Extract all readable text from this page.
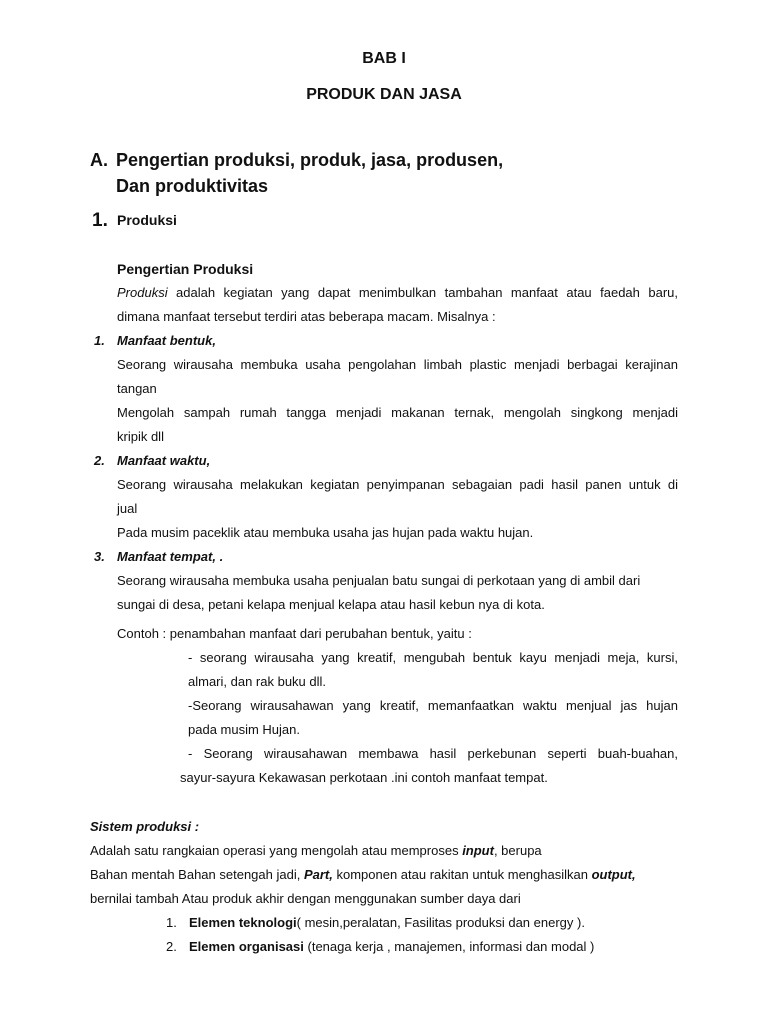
BAB I
PRODUK DAN JASA
A. Pengertian produksi, produk, jasa, produsen,
Dan produktivitas
1. Produksi
Pengertian Produksi
Produksi adalah kegiatan yang dapat menimbulkan tambahan manfaat atau faedah baru,
dimana manfaat tersebut terdiri atas beberapa macam. Misalnya :
1. Manfaat bentuk,
Seorang wirausaha membuka usaha pengolahan limbah plastic menjadi berbagai kerajinan
tangan
Mengolah sampah rumah tangga menjadi makanan ternak, mengolah singkong menjadi
kripik dll
2. Manfaat waktu,
Seorang wirausaha melakukan kegiatan penyimpanan sebagaian padi hasil panen untuk di
jual
Pada musim paceklik atau membuka usaha jas hujan pada waktu hujan.
3. Manfaat tempat, .
Seorang wirausaha membuka usaha penjualan batu sungai di perkotaan yang di ambil dari
sungai di desa, petani kelapa menjual kelapa atau hasil kebun nya di kota.
Contoh : penambahan manfaat dari perubahan bentuk, yaitu :
- seorang wirausaha yang kreatif, mengubah bentuk kayu menjadi meja, kursi,
almari, dan rak buku dll.
-Seorang wirausahawan yang kreatif, memanfaatkan waktu menjual jas hujan
pada musim Hujan.
- Seorang wirausahawan membawa hasil perkebunan seperti buah-buahan,
sayur-sayura Kekawasan perkotaan .ini contoh manfaat tempat.
Sistem produksi :
Adalah satu rangkaian operasi yang mengolah atau memproses input, berupa
Bahan mentah Bahan setengah jadi, Part, komponen atau rakitan untuk menghasilkan output,
bernilai tambah Atau produk akhir dengan menggunakan sumber daya dari
1. Elemen teknologi( mesin,peralatan, Fasilitas produksi dan energy ).
2. Elemen organisasi (tenaga kerja , manajemen, informasi dan modal )
